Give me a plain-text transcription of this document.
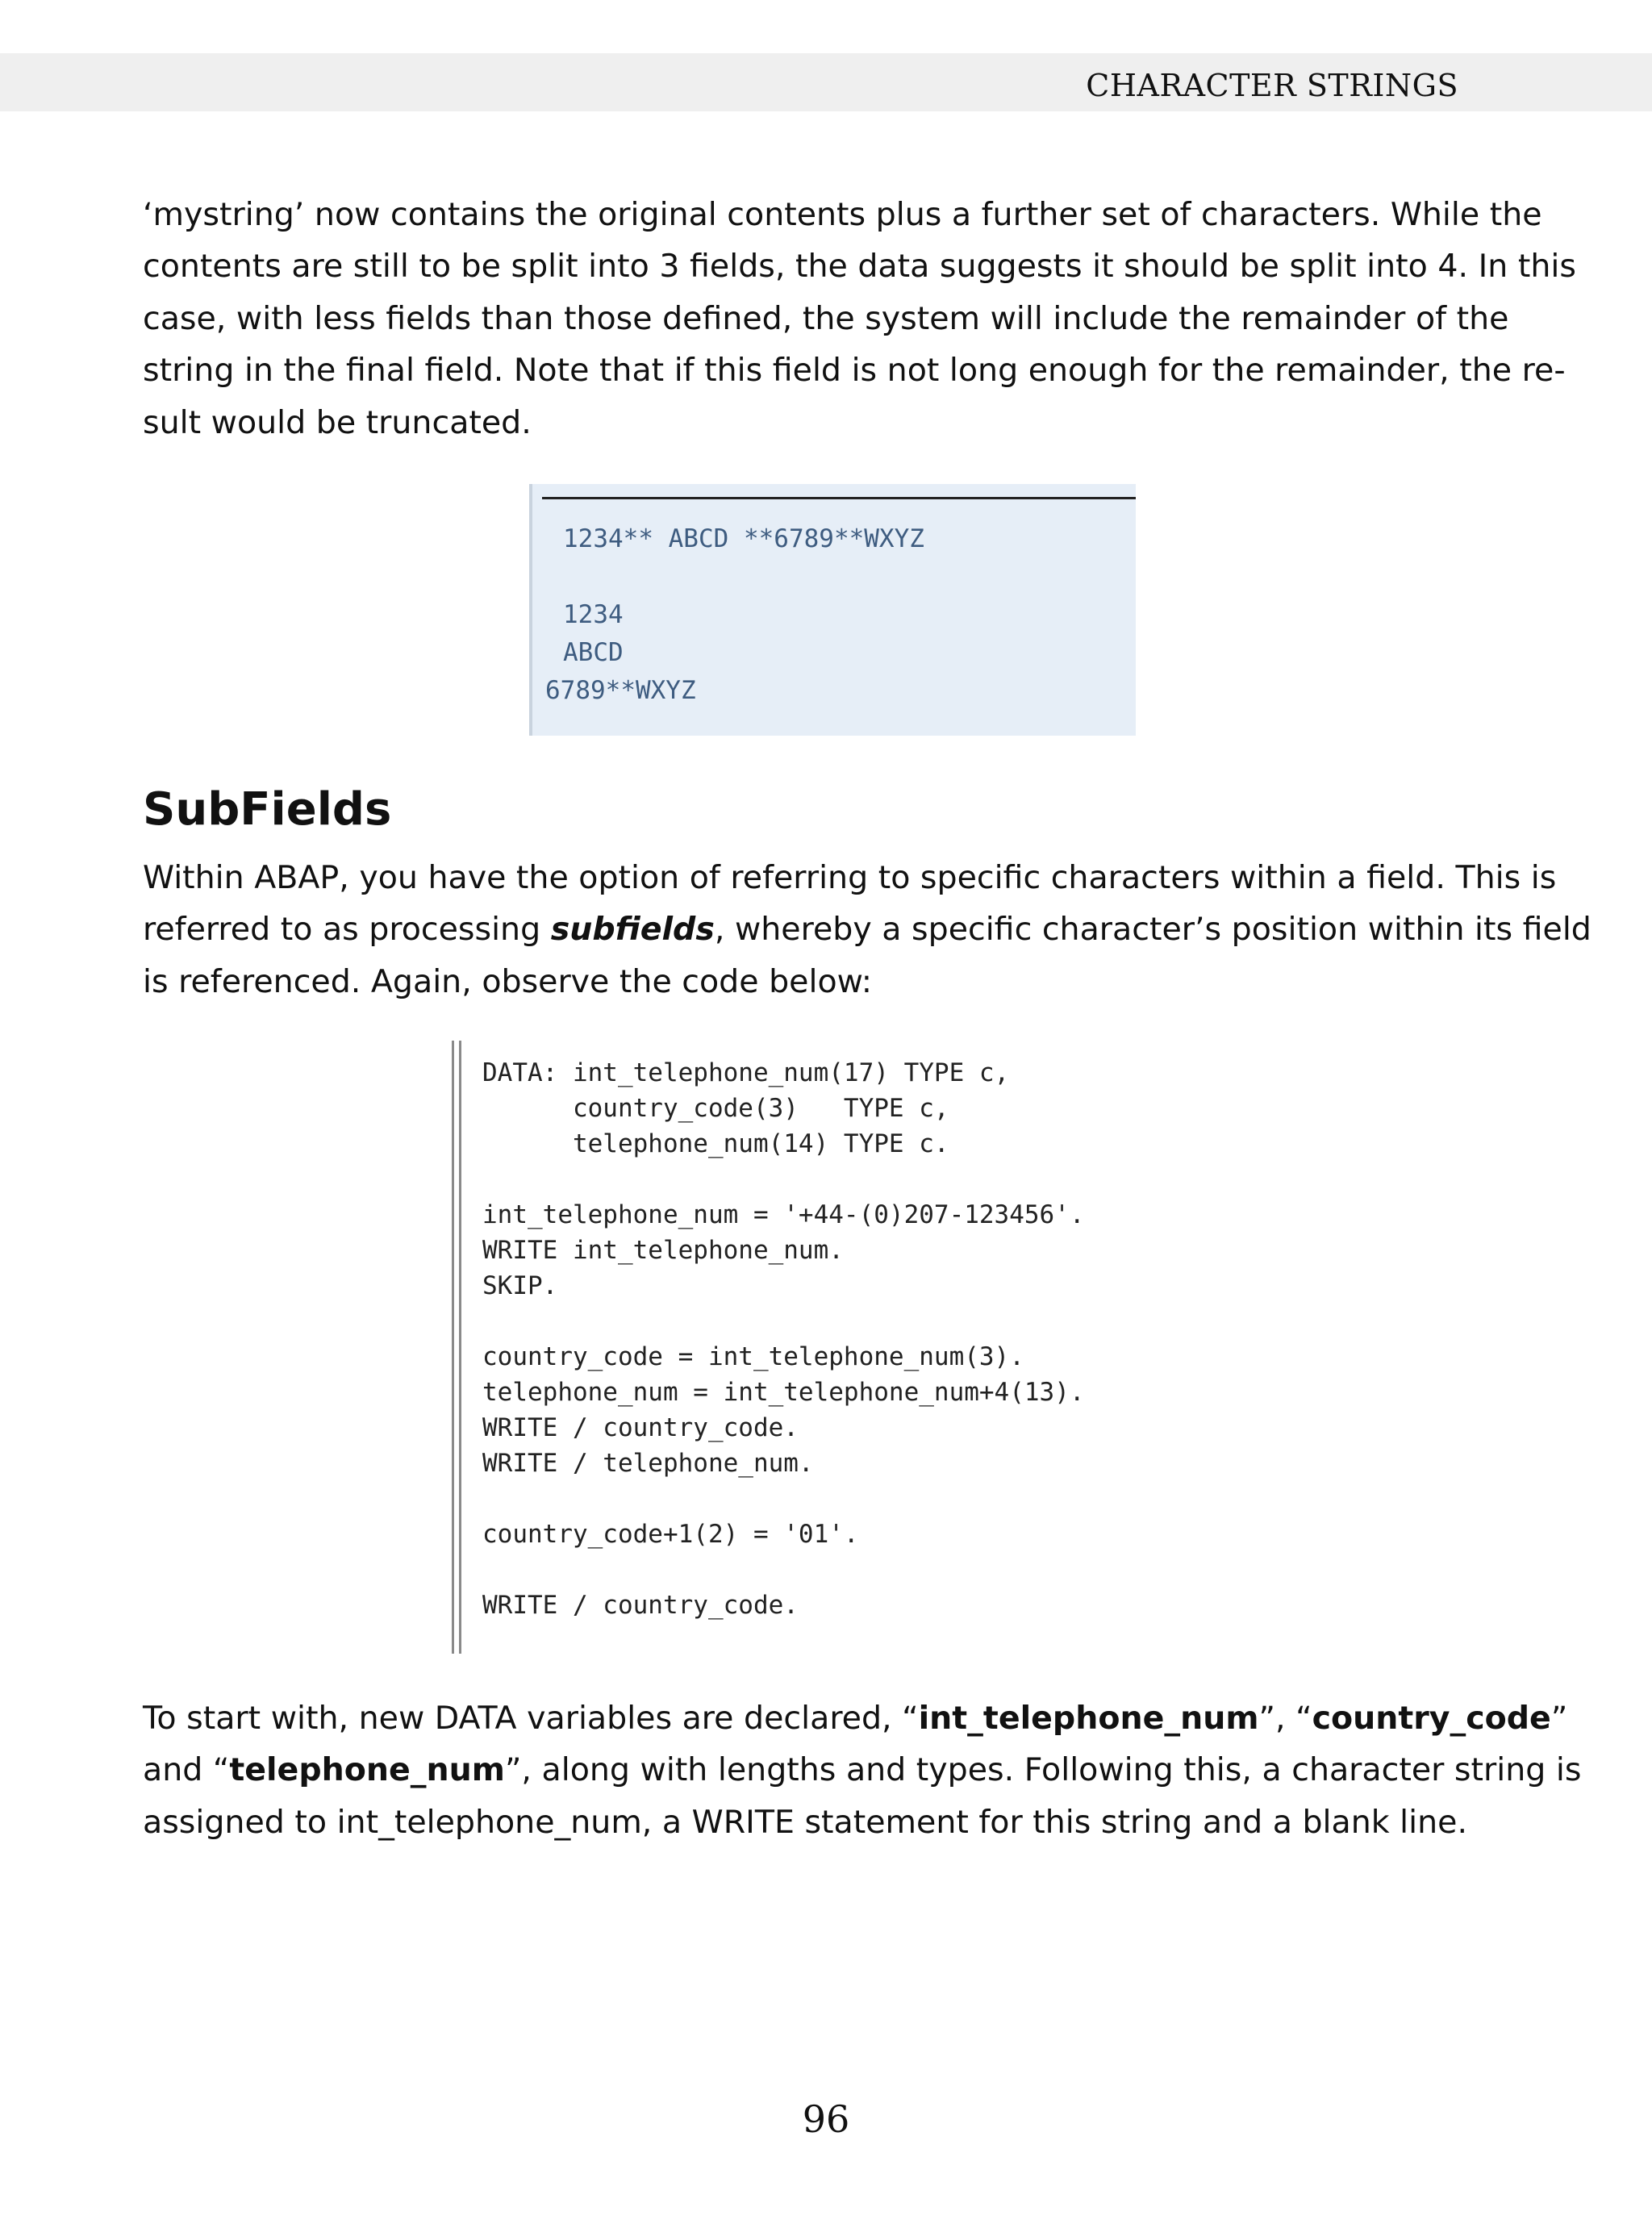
CHARACTER STRINGS
‘mystring’ now contains the original contents plus a further set of characters. While the
contents are still to be split into 3 fields, the data suggests it should be split into 4. In this
case, with less fields than those defined, the system will include the remainder of the
string in the final field. Note that if this field is not long enough for the remainder, the re-
sult would be truncated.
1234** ABCD **6789**WXYZ
1234
ABCD
6789**WXYZ
SubFields
Within ABAP, you have the option of referring to specific characters within a field. This is
referred to as processing subfields, whereby a specific character’s position within its field
is referenced. Again, observe the code below:
DATA: int_telephone_num(17) TYPE c,
country_code(3)   TYPE c,
telephone_num(14) TYPE c.
int_telephone_num = '+44-(0)207-123456'.
WRITE int_telephone_num.
SKIP.
country_code = int_telephone_num(3).
telephone_num = int_telephone_num+4(13).
WRITE / country_code.
WRITE / telephone_num.
country_code+1(2) = '01'.
WRITE / country_code.
To start with, new DATA variables are declared, “int_telephone_num”, “country_code”
and “telephone_num”, along with lengths and types. Following this, a character string is
assigned to int_telephone_num, a WRITE statement for this string and a blank line.
96
